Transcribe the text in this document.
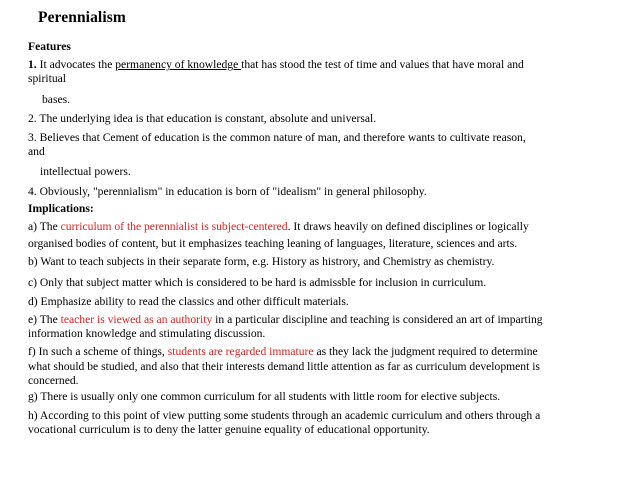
Perennialism
Features
1. It advocates the permanency of knowledge that has stood the test of time and values that have moral and
spiritual
bases.
2. The underlying idea is that education is constant, absolute and universal.
3. Believes that Cement of education is the common nature of man, and therefore wants to cultivate reason,
and
intellectual powers.
4. Obviously, "perennialism" in education is born of "idealism" in general philosophy.
Implications:
a) The curriculum of the perennialist is subject-centered. It draws heavily on defined disciplines or logically
organised bodies of content, but it emphasizes teaching leaning of languages, literature, sciences and arts.
b) Want to teach subjects in their separate form, e.g. History as histrory, and Chemistry as chemistry.
c) Only that subject matter which is considered to be hard is admissble for inclusion in curriculum.
d) Emphasize ability to read the classics and other difficult materials.
e) The teacher is viewed as an authority in a particular discipline and teaching is considered an art of imparting
information knowledge and stimulating discussion.
f) In such a scheme of things, students are regarded immature as they lack the judgment required to determine
what should be studied, and also that their interests demand little attention as far as curriculum development is
concerned.
g) There is usually only one common curriculum for all students with little room for elective subjects.
h) According to this point of view putting some students through an academic curriculum and others through a
vocational curriculum is to deny the latter genuine equality of educational opportunity.
